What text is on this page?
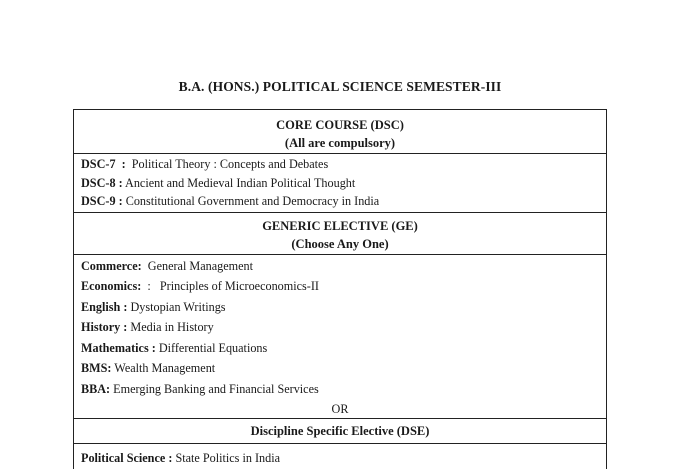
B.A. (HONS.) POLITICAL SCIENCE SEMESTER-III
CORE COURSE (DSC)
(All are compulsory)
DSC-7  :  Political Theory : Concepts and Debates
DSC-8 : Ancient and Medieval Indian Political Thought
DSC-9 : Constitutional Government and Democracy in India
GENERIC ELECTIVE (GE)
(Choose Any One)
Commerce:  General Management
Economics:  :   Principles of Microeconomics-II
English : Dystopian Writings
History : Media in History
Mathematics : Differential Equations
BMS: Wealth Management
BBA: Emerging Banking and Financial Services
OR
Discipline Specific Elective (DSE)
Political Science : State Politics in India
